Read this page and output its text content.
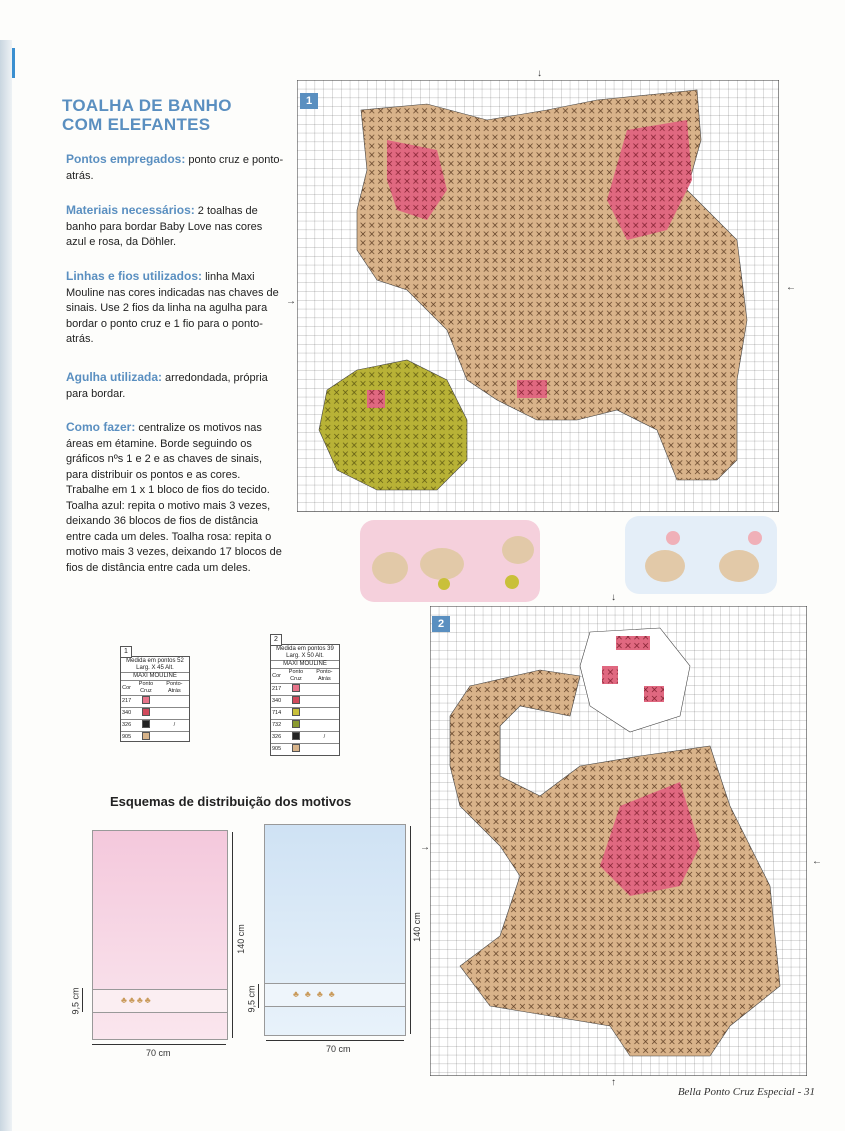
TOALHA DE BANHO
COM ELEFANTES
Pontos empregados: ponto cruz e ponto-atrás.
Materiais necessários: 2 toalhas de banho para bordar Baby Love nas cores azul e rosa, da Döhler.
Linhas e fios utilizados: linha Maxi Mouline nas cores indicadas nas chaves de sinais. Use 2 fios da linha na agulha para bordar o ponto cruz e 1 fio para o ponto-atrás.
Agulha utilizada: arredondada, própria para bordar.
Como fazer: centralize os motivos nas áreas em étamine. Borde seguindo os gráficos nºs 1 e 2 e as chaves de sinais, para distribuir os pontos e as cores. Trabalhe em 1 x 1 bloco de fios do tecido. Toalha azul: repita o motivo mais 3 vezes, deixando 36 blocos de fios de distância entre cada um deles. Toalha rosa: repita o motivo mais 3 vezes, deixando 17 blocos de fios de distância entre cada um deles.
1
↓
→
←
2
↓
→
←
↑
1
Medida em pontos 52 Larg. X 45 Alt.
MAXI MOULINE
Cor	Ponto Cruz	Ponto-Atrás
217		
340		
326		/
905		
2
Medida em pontos 39 Larg. X 50 Alt.
MAXI MOULINE
Cor	Ponto Cruz	Ponto-Atrás
217		
340		
714		
732		
326		/
905		
Esquemas de distribuição dos motivos
♣♣♣♣
140 cm
9,5 cm
70 cm
♣♣♣♣
140 cm
9,5 cm
70 cm
Bella Ponto Cruz Especial - 31
